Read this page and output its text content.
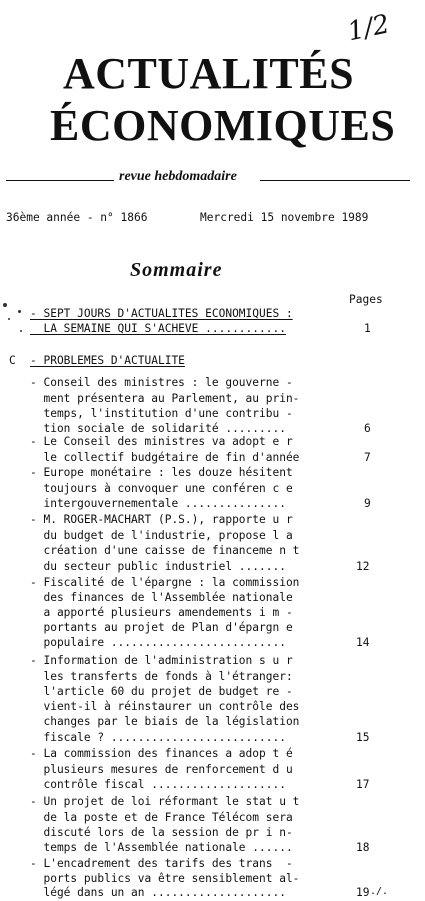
1/2
ACTUALITÉS
ÉCONOMIQUES
revue hebdomadaire
36ème année - n° 1866	Mercredi 15 novembre 1989
Sommaire
Pages
- SEPT JOURS D'ACTUALITES ECONOMIQUES :
LA SEMAINE QUI S'ACHEVE ............	1
C - PROBLEMES D'ACTUALITE
- Conseil des ministres : le gouverne -
ment présentera au Parlement, au prin-
temps, l'institution d'une contribu -
tion sociale de solidarité .........	6
- Le Conseil des ministres va adopt e r
le collectif budgétaire de fin d'année	7
- Europe monétaire : les douze hésitent
toujours à convoquer une conféren c e
intergouvernementale ...............	9
- M. ROGER-MACHART (P.S.), rapporte u r
du budget de l'industrie, propose l a
création d'une caisse de financeme n t
du secteur public industriel .......	12
- Fiscalité de l'épargne : la commission
des finances de l'Assemblée nationale
a apporté plusieurs amendements i m -
portants au projet de Plan d'épargn e
populaire ..........................	14
- Information de l'administration s u r
les transferts de fonds à l'étranger:
l'article 60 du projet de budget re -
vient-il à réinstaurer un contrôle des
changes par le biais de la législation
fiscale ? ..........................	15
- La commission des finances a adop t é
plusieurs mesures de renforcement d u
contrôle fiscal ....................	17
- Un projet de loi réformant le stat u t
de la poste et de France Télécom sera
discuté lors de la session de pr i n-
temps de l'Assemblée nationale ......	18
- L'encadrement des tarifs des trans  -
ports publics va être sensiblement al-
légé dans un an ....................	19 ./.
